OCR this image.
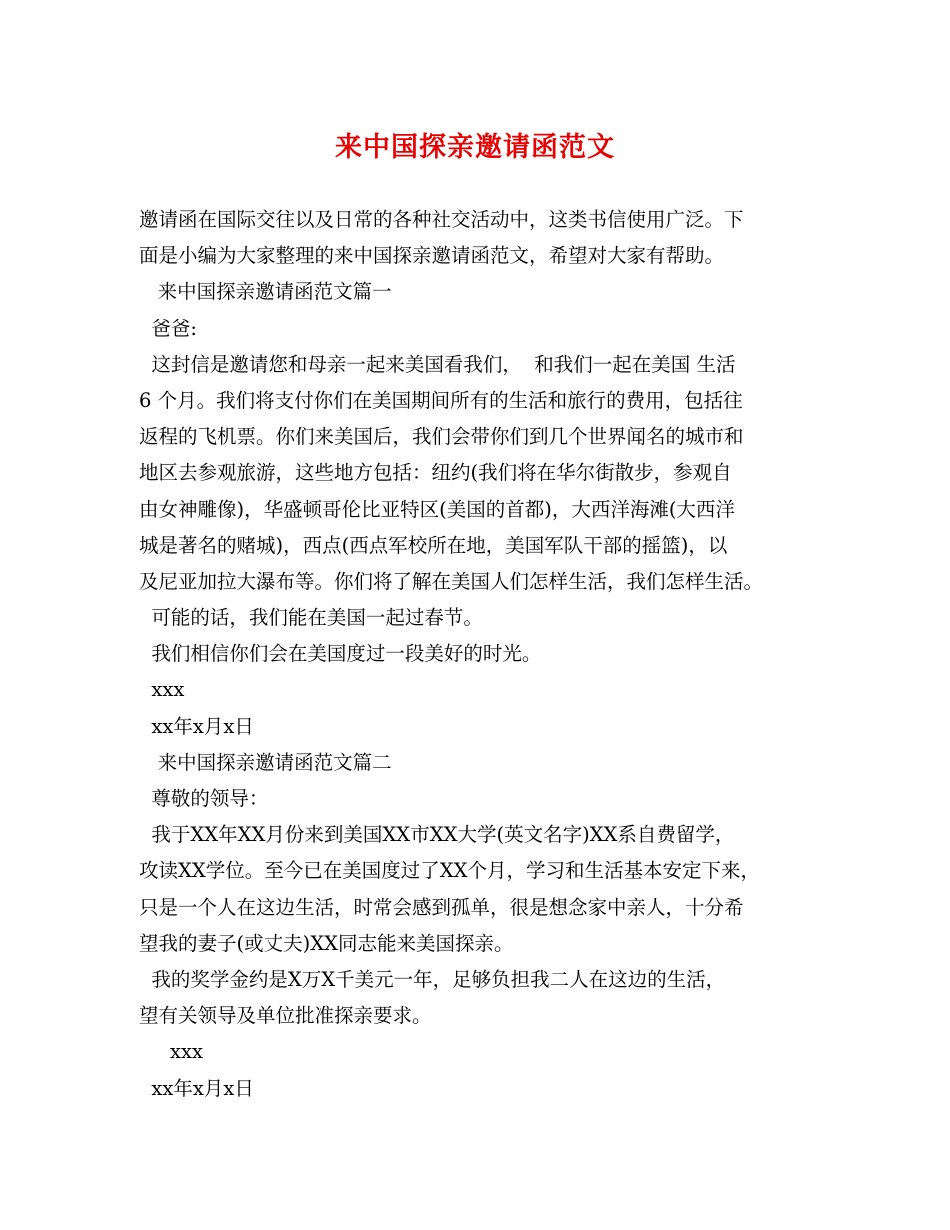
来中国探亲邀请函范文
邀请函在国际交往以及日常的各种社交活动中，这类书信使用广泛。下
面是小编为大家整理的来中国探亲邀请函范文，希望对大家有帮助。
来中国探亲邀请函范文篇一
爸爸:
这封信是邀请您和母亲一起来美国看我们，  和我们一起在美国 生活
6 个月。我们将支付你们在美国期间所有的生活和旅行的费用，包括往
返程的飞机票。你们来美国后，我们会带你们到几个世界闻名的城市和
地区去参观旅游，这些地方包括：纽约(我们将在华尔街散步，参观自
由女神雕像)，华盛顿哥伦比亚特区(美国的首都)，大西洋海滩(大西洋
城是著名的赌城)，西点(西点军校所在地，美国军队干部的摇篮)，以
及尼亚加拉大瀑布等。你们将了解在美国人们怎样生活，我们怎样生活。
可能的话，我们能在美国一起过春节。
我们相信你们会在美国度过一段美好的时光。
xxx
xx年x月x日
来中国探亲邀请函范文篇二
尊敬的领导：
我于XX年XX月份来到美国XX市XX大学(英文名字)XX系自费留学，
攻读XX学位。至今已在美国度过了XX个月，学习和生活基本安定下来，
只是一个人在这边生活，时常会感到孤单，很是想念家中亲人，十分希
望我的妻子(或丈夫)XX同志能来美国探亲。
我的奖学金约是X万X千美元一年，足够负担我二人在这边的生活，
望有关领导及单位批准探亲要求。
xxx
xx年x月x日
